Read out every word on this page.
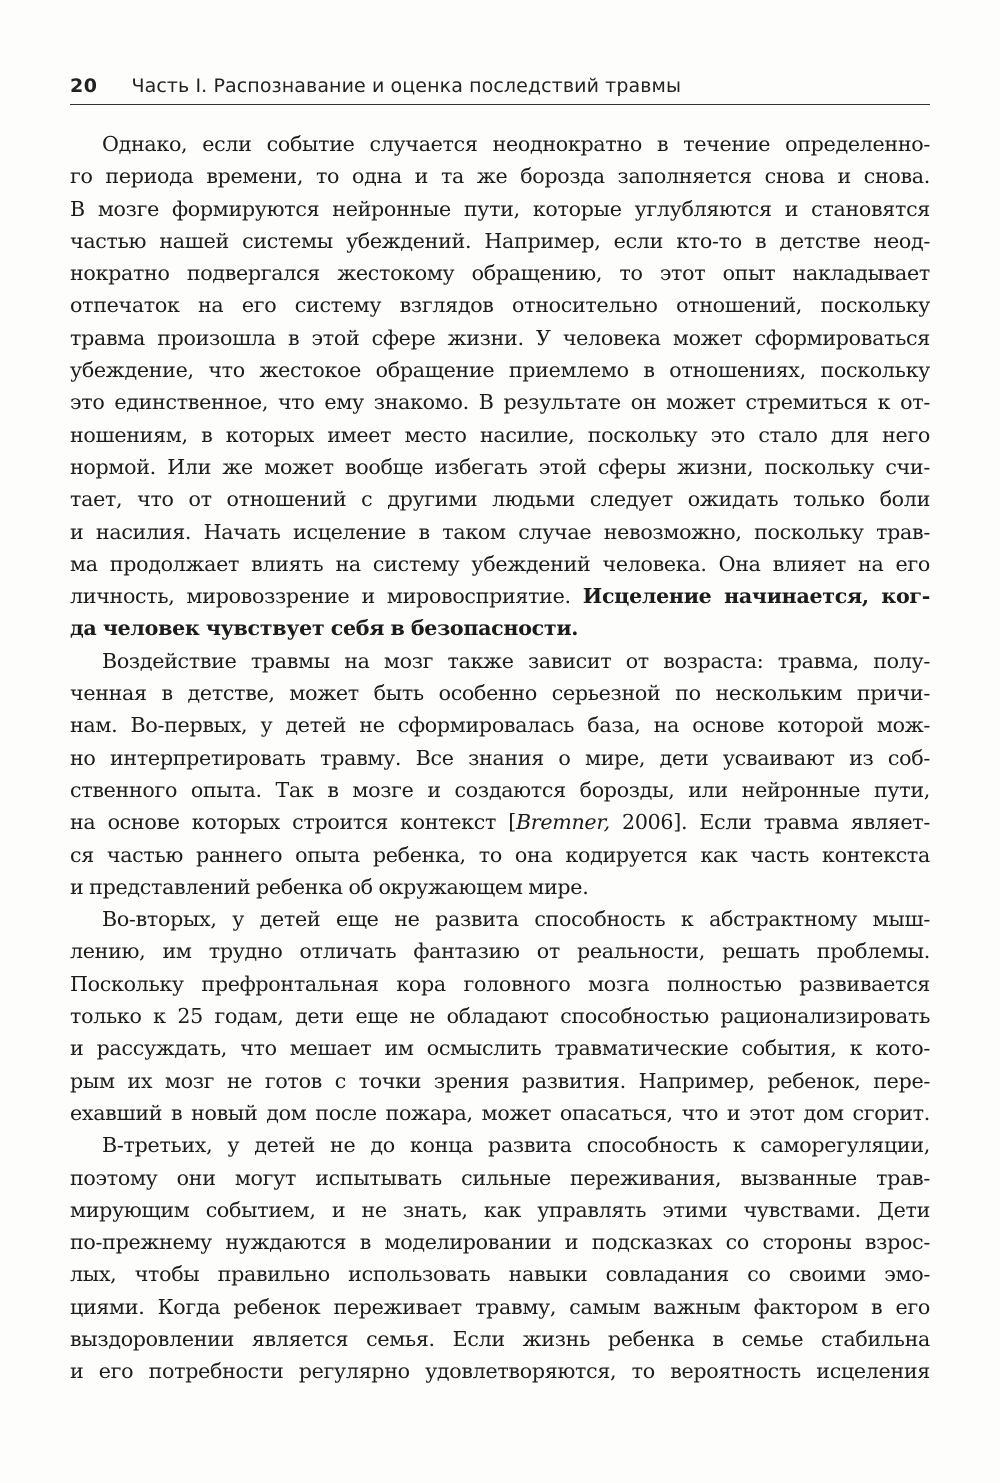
20 Часть I. Распознавание и оценка последствий травмы
Однако, если событие случается неоднократно в течение определенно-
го периода времени, то одна и та же борозда заполняется снова и снова.
В мозге формируются нейронные пути, которые углубляются и становятся
частью нашей системы убеждений. Например, если кто-то в детстве неод-
нократно подвергался жестокому обращению, то этот опыт накладывает
отпечаток на его систему взглядов относительно отношений, поскольку
травма произошла в этой сфере жизни. У человека может сформироваться
убеждение, что жестокое обращение приемлемо в отношениях, поскольку
это единственное, что ему знакомо. В результате он может стремиться к от-
ношениям, в которых имеет место насилие, поскольку это стало для него
нормой. Или же может вообще избегать этой сферы жизни, поскольку счи-
тает, что от отношений с другими людьми следует ожидать только боли
и насилия. Начать исцеление в таком случае невозможно, поскольку трав-
ма продолжает влиять на систему убеждений человека. Она влияет на его
личность, мировоззрение и мировосприятие. Исцеление начинается, ког-
да человек чувствует себя в безопасности.
Воздействие травмы на мозг также зависит от возраста: травма, полу-
ченная в детстве, может быть особенно серьезной по нескольким причи-
нам. Во-первых, у детей не сформировалась база, на основе которой мож-
но интерпретировать травму. Все знания о мире, дети усваивают из соб-
ственного опыта. Так в мозге и создаются борозды, или нейронные пути,
на основе которых строится контекст [Bremner, 2006]. Если травма являет-
ся частью раннего опыта ребенка, то она кодируется как часть контекста
и представлений ребенка об окружающем мире.
Во-вторых, у детей еще не развита способность к абстрактному мыш-
лению, им трудно отличать фантазию от реальности, решать проблемы.
Поскольку префронтальная кора головного мозга полностью развивается
только к 25 годам, дети еще не обладают способностью рационализировать
и рассуждать, что мешает им осмыслить травматические события, к кото-
рым их мозг не готов с точки зрения развития. Например, ребенок, пере-
ехавший в новый дом после пожара, может опасаться, что и этот дом сгорит.
В-третьих, у детей не до конца развита способность к саморегуляции,
поэтому они могут испытывать сильные переживания, вызванные трав-
мирующим событием, и не знать, как управлять этими чувствами. Дети
по-прежнему нуждаются в моделировании и подсказках со стороны взрос-
лых, чтобы правильно использовать навыки совладания со своими эмо-
циями. Когда ребенок переживает травму, самым важным фактором в его
выздоровлении является семья. Если жизнь ребенка в семье стабильна
и его потребности регулярно удовлетворяются, то вероятность исцеления
